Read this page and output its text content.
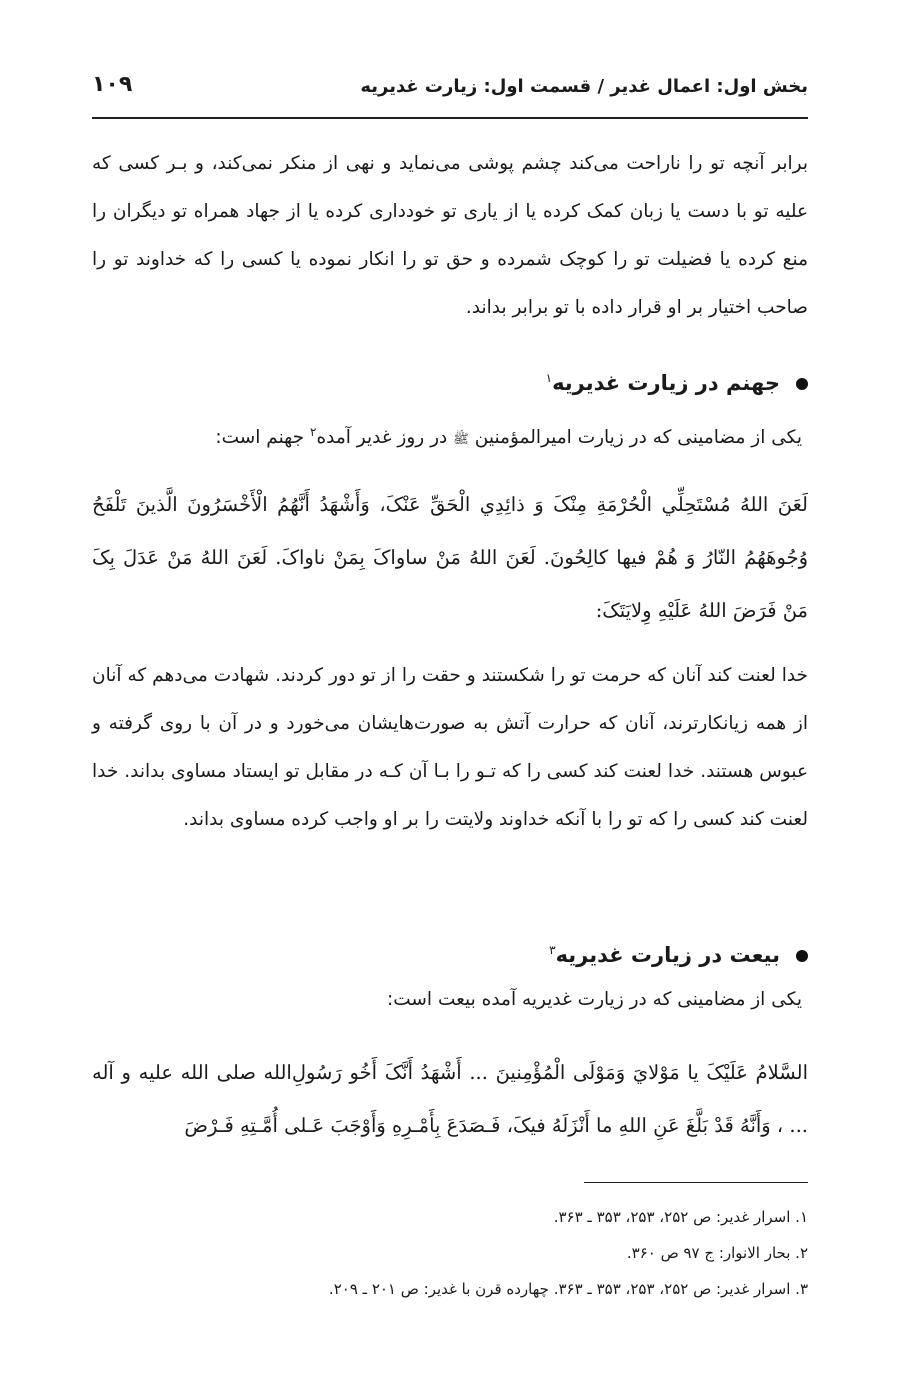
بخش اول: اعمال غدیر / قسمت اول: زیارت غدیریه
۱۰۹
برابر آنچه تو را ناراحت می‌کند چشم پوشی می‌نماید و نهی از منکر نمی‌کند، و بـر کسی که علیه تو با دست یا زبان کمک کرده یا از یاری تو خودداری کرده یا از جهاد همراه تو دیگران را منع کرده یا فضیلت تو را کوچک شمرده و حق تو را انکار نموده یا کسی را که خداوند تو را صاحب اختیار بر او قرار داده با تو برابر بداند.
جهنم در زیارت غدیریه$^۱$
یکی از مضامینی که در زیارت امیرالمؤمنین ﷺ در روز غدیر آمده$^۲$ جهنم است:
لَعَنَ اللهُ مُسْتَحِلِّي الْحُرْمَةِ مِنْکَ وَ ذائِدِي الْحَقِّ عَنْکَ، وَأَشْهَدُ أَنَّهُمُ الْأَخْسَرُونَ الَّذينَ تَلْفَحُ وُجُوهَهُمُ النّارُ وَ هُمْ فيها کالِحُونَ. لَعَنَ اللهُ مَنْ ساواکَ بِمَنْ ناواکَ. لَعَنَ اللهُ مَنْ عَدَلَ بِکَ مَنْ فَرَضَ اللهُ عَلَيْهِ وِلايَتَکَ:
خدا لعنت کند آنان که حرمت تو را شکستند و حقت را از تو دور کردند. شهادت می‌دهم که آنان از همه زیانکارترند، آنان که حرارت آتش به صورت‌هایشان می‌خورد و در آن با روی گرفته و عبوس هستند. خدا لعنت کند کسی را که تـو را بـا آن کـه در مقابل تو ایستاد مساوی بداند. خدا لعنت کند کسی را که تو را با آنکه خداوند ولایتت را بر او واجب کرده مساوی بداند.
بیعت در زیارت غدیریه$^۳$
یکی از مضامینی که در زیارت غدیریه آمده بیعت است:
السَّلامُ عَلَيْکَ يا مَوْلايَ وَمَوْلَى الْمُؤْمِنينَ ... أَشْهَدُ أَنَّکَ أَخُو رَسُولِ‌الله صلی الله علیه و آله ... ، وَأَنَّهُ قَدْ بَلَّغَ عَنِ اللهِ ما أَنْزَلَهُ فيکَ، فَـصَدَعَ بِأَمْـرِهِ وَأَوْجَبَ عَـلى أُمَّـتِهِ فَـرْضَ
۱. اسرار غدیر: ص ۲۵۲، ۲۵۳، ۳۵۳ ـ ۳۶۳.
۲. بحار الانوار: ج ۹۷ ص ۳۶۰.
۳. اسرار غدیر: ص ۲۵۲، ۲۵۳، ۳۵۳ ـ ۳۶۳. چهارده قرن با غدیر: ص ۲۰۱ ـ ۲۰۹.
